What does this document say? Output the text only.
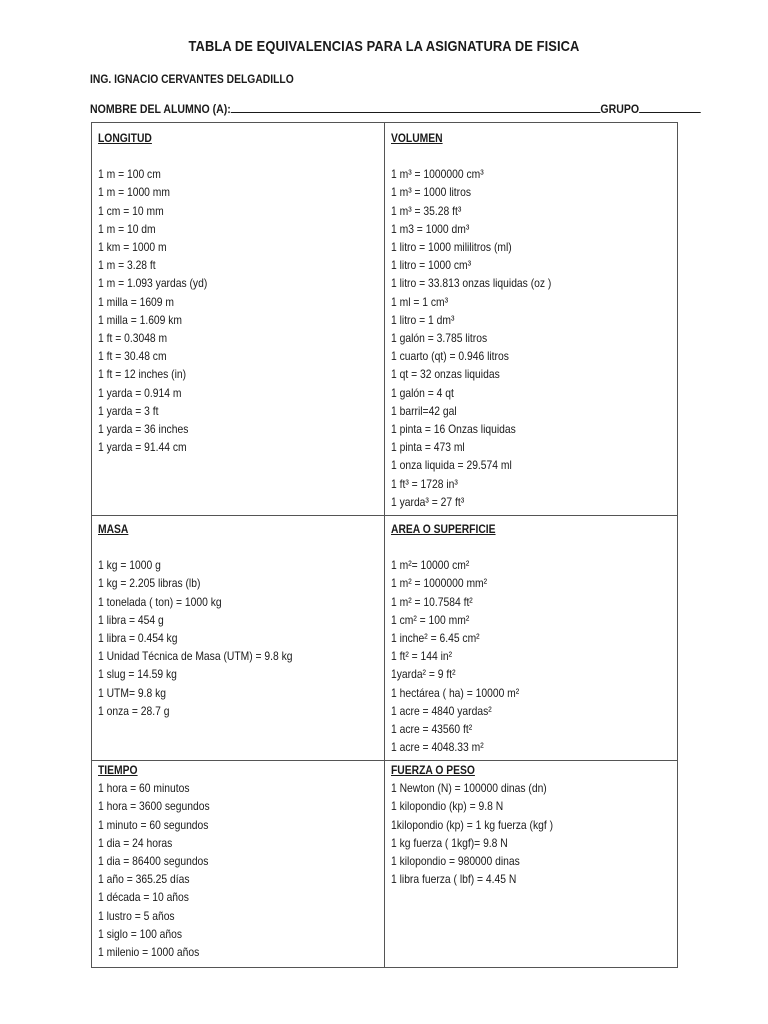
TABLA DE EQUIVALENCIAS PARA LA ASIGNATURA DE FISICA
ING. IGNACIO CERVANTES DELGADILLO
NOMBRE DEL ALUMNO (A):	GRUPO
LONGITUD
1 m = 100 cm
1 m = 1000 mm
1 cm = 10 mm
1 m = 10 dm
1 km = 1000 m
1 m = 3.28 ft
1 m = 1.093 yardas (yd)
1 milla = 1609 m
1 milla = 1.609 km
1 ft = 0.3048 m
1 ft = 30.48 cm
1 ft = 12 inches (in)
1 yarda = 0.914 m
1 yarda = 3 ft
1 yarda = 36 inches
1 yarda = 91.44 cm
VOLUMEN
1 m³ = 1000000 cm³
1 m³ = 1000 litros
1 m³ = 35.28 ft³
1 m3 = 1000 dm³
1 litro = 1000 mililitros (ml)
1 litro = 1000 cm³
1 litro = 33.813 onzas liquidas (oz )
1 ml = 1 cm³
1 litro = 1 dm³
1 galón = 3.785 litros
1 cuarto (qt) = 0.946 litros
1 qt = 32 onzas liquidas
1 galón = 4 qt
1 barril=42 gal
1 pinta = 16 Onzas liquidas
1 pinta = 473 ml
1 onza liquida = 29.574 ml
1 ft³ = 1728 in³
1 yarda³ = 27 ft³
MASA
1 kg = 1000 g
1 kg = 2.205 libras (lb)
1 tonelada ( ton) = 1000 kg
1 libra = 454 g
1 libra = 0.454 kg
1 Unidad Técnica de Masa (UTM) = 9.8 kg
1 slug = 14.59 kg
1 UTM= 9.8 kg
1 onza = 28.7 g
AREA O SUPERFICIE
1 m²= 10000 cm²
1 m² = 1000000 mm²
1 m² = 10.7584 ft²
1 cm² = 100 mm²
1 inche² = 6.45 cm²
1 ft² = 144 in²
1yarda² = 9 ft²
1 hectárea ( ha) = 10000 m²
1 acre = 4840 yardas²
1 acre = 43560 ft²
1 acre = 4048.33 m²
TIEMPO
1 hora = 60 minutos
1 hora = 3600 segundos
1 minuto = 60 segundos
1 dia = 24 horas
1 dia = 86400 segundos
1 año = 365.25 días
1 década = 10 años
1 lustro = 5 años
1 siglo = 100 años
1 milenio = 1000 años
FUERZA O PESO
1 Newton (N) = 100000 dinas (dn)
1 kilopondio (kp) = 9.8 N
1kilopondio (kp) = 1 kg fuerza (kgf )
1 kg fuerza ( 1kgf)= 9.8 N
1 kilopondio = 980000 dinas
1 libra fuerza ( lbf) = 4.45 N
